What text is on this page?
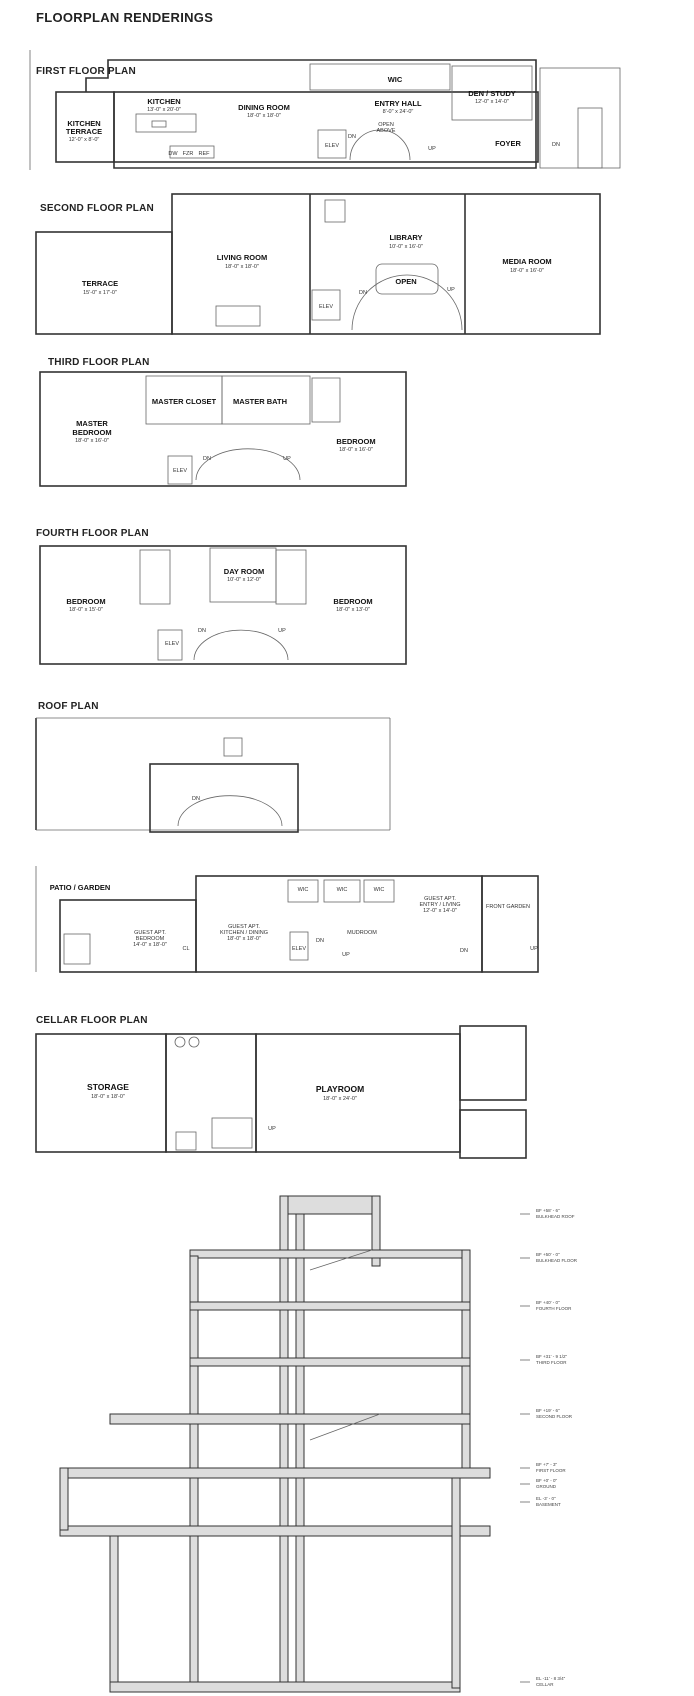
FLOORPLAN RENDERINGS
FIRST FLOOR PLAN
SECOND FLOOR PLAN
THIRD FLOOR PLAN
FOURTH FLOOR PLAN
ROOF PLAN
CELLAR FLOOR PLAN
KITCHEN
TERRACE
12'-0" x 8'-0"
KITCHEN
13'-0" x 20'-0"	DINING ROOM
18'-0" x 18'-0"
WIC
ENTRY HALL
8'-0" x 24'-0"
OPEN
ABOVE
DEN / STUDY
12'-0" x 14'-0"
FOYER
ELEV
DN
UP
DN
DW FZR REF
TERRACE
15'-0" x 17'-0"
LIVING ROOM
18'-0" x 18'-0"
LIBRARY
10'-0" x 16'-0"
OPEN
MEDIA ROOM
18'-0" x 16'-0"
ELEV
DN	UP
MASTER
BEDROOM
18'-0" x 16'-0"
MASTER CLOSET MASTER BATH
BEDROOM
18'-0" x 16'-0"
ELEV
DN	UP
BEDROOM
18'-0" x 15'-0"
DAY ROOM
10'-0" x 12'-0"
BEDROOM
18'-0" x 13'-0"
ELEV
DN	UP
DN
PATIO / GARDEN
GUEST APT.
BEDROOM
14'-0" x 18'-0"
CL
GUEST APT.
KITCHEN / DINING
18'-0" x 18'-0"
WIC	WIC	WIC
MUDROOM
GUEST APT.
ENTRY / LIVING
12'-0" x 14'-0"
FRONT GARDEN
ELEV
DN
UP
DN	UP
STORAGE
18'-0" x 18'-0"
PLAYROOM
18'-0" x 24'-0"
UP
BF +58' - 6"
BULKHEAD ROOF
BF +50' - 0"
BULKHEAD FLOOR
BF +40' - 0"
FOURTH FLOOR
BF +31' - 9 1/2"
THIRD FLOOR
BF +19' - 6"
SECOND FLOOR
BF +7' - 3"
FIRST FLOOR
BF +0' - 0"
GROUND
EL -3' - 0"
BASEMENT
EL -11' - 8 3/4"
CELLAR
